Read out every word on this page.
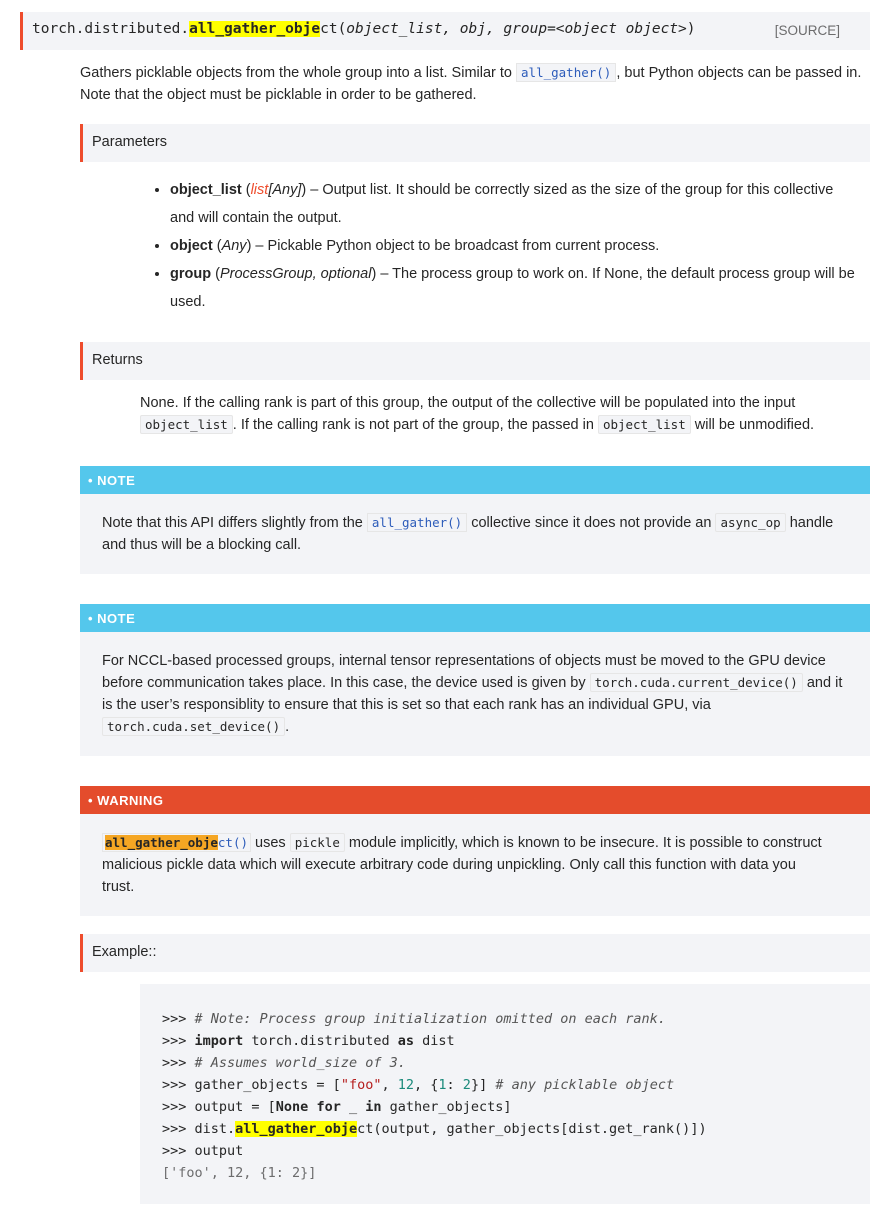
torch.distributed.all_gather_object(object_list, obj, group=<object object>)	[SOURCE]
Gathers picklable objects from the whole group into a list. Similar to all_gather() , but Python objects can be passed in.
Note that the object must be picklable in order to be gathered.
Parameters
• object_list (list[Any]) – Output list. It should be correctly sized as the size of the group for this collective
and will contain the output.
• object (Any) – Pickable Python object to be broadcast from current process.
• group (ProcessGroup, optional) – The process group to work on. If None, the default process group will be
used.
Returns
None. If the calling rank is part of this group, the output of the collective will be populated into the input
object_list . If the calling rank is not part of the group, the passed in object_list will be unmodified.
• NOTE
Note that this API differs slightly from the all_gather() collective since it does not provide an async_op handle
and thus will be a blocking call.
• NOTE
For NCCL-based processed groups, internal tensor representations of objects must be moved to the GPU device
before communication takes place. In this case, the device used is given by torch.cuda.current_device() and it
is the user’s responsiblity to ensure that this is set so that each rank has an individual GPU, via
torch.cuda.set_device() .
• WARNING
all_gather_object() uses pickle module implicitly, which is known to be insecure. It is possible to construct
malicious pickle data which will execute arbitrary code during unpickling. Only call this function with data you
trust.
Example::
>>> # Note: Process group initialization omitted on each rank.
>>> import torch.distributed as dist
>>> # Assumes world_size of 3.
>>> gather_objects = ["foo", 12, {1: 2}] # any picklable object
>>> output = [None for _ in gather_objects]
>>> dist.all_gather_object(output, gather_objects[dist.get_rank()])
>>> output
['foo', 12, {1: 2}]
